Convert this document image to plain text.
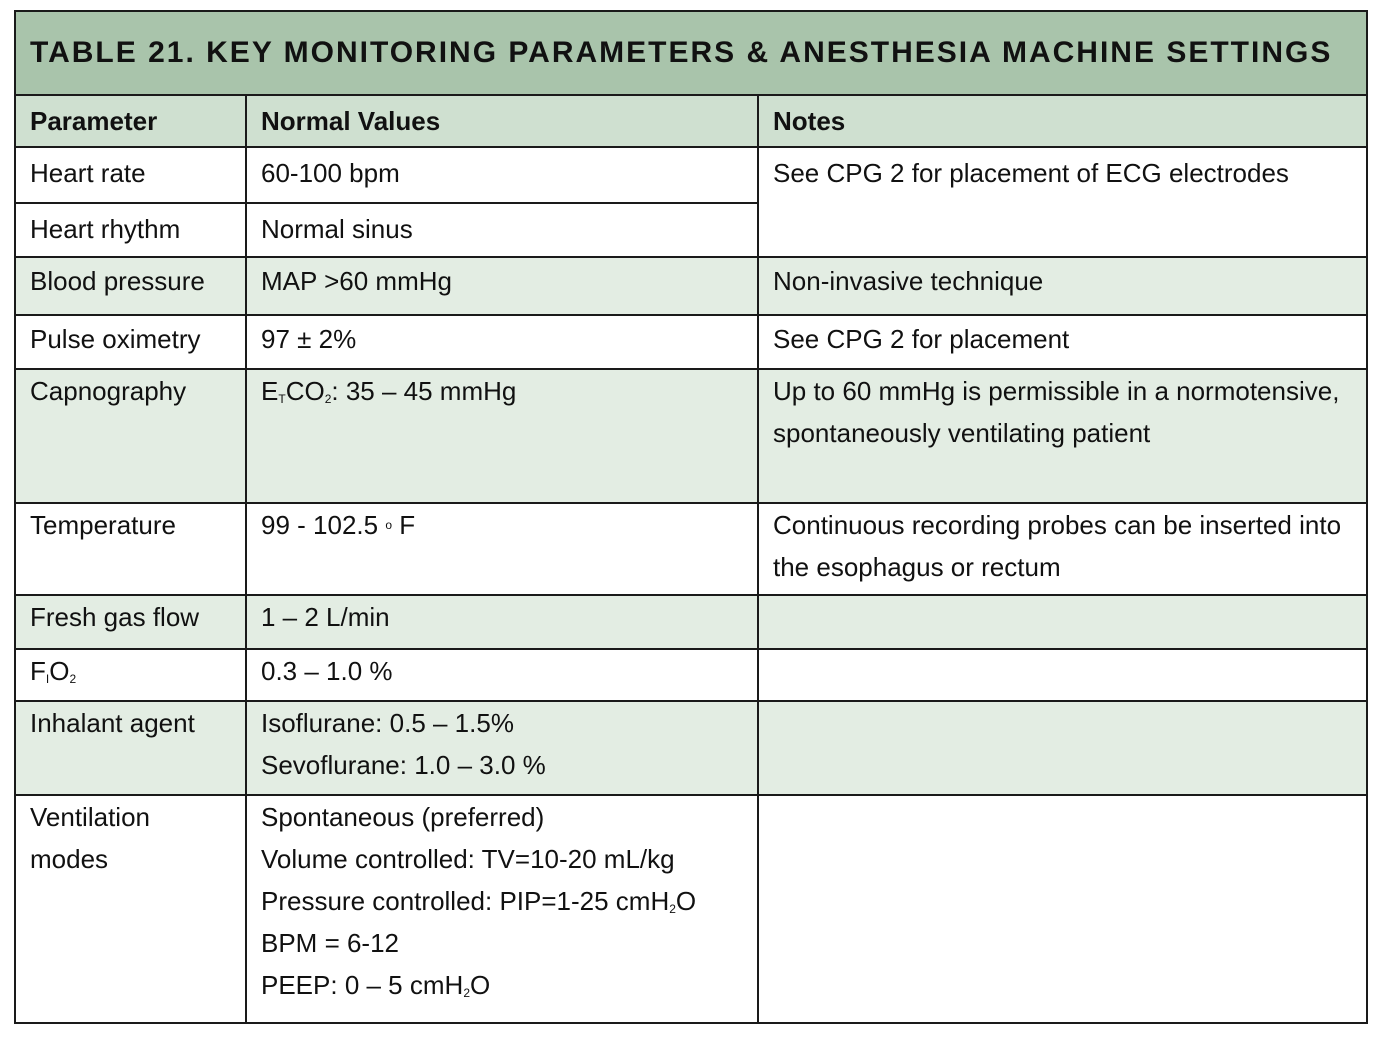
TABLE 21. KEY MONITORING PARAMETERS & ANESTHESIA MACHINE SETTINGS		
Parameter	Normal Values	Notes
Heart rate	60-100 bpm	See CPG 2 for placement of ECG electrodes
Heart rhythm	Normal sinus	
Blood pressure	MAP >60 mmHg	Non-invasive technique
Pulse oximetry	97 ± 2%	See CPG 2 for placement
Capnography	$E_TCO_2$: 35 – 45 mmHg	Up to 60 mmHg is permissible in a normotensive, spontaneously ventilating patient
Temperature	99 - 102.5 $^o$ F	Continuous recording probes can be inserted into the esophagus or rectum
Fresh gas flow	1 – 2 L/min	
$F_IO_2$	0.3 – 1.0 %	
Inhalant agent	Isoflurane: 0.5 – 1.5%
Sevoflurane: 1.0 – 3.0 %	

Ventilation
modes	Spontaneous (preferred)
Volume controlled: TV=10-20 mL/kg
Pressure controlled: PIP=1-25 cmH$_2$O
BPM = 6-12
PEEP: 0 – 5 cmH$_2$O	
